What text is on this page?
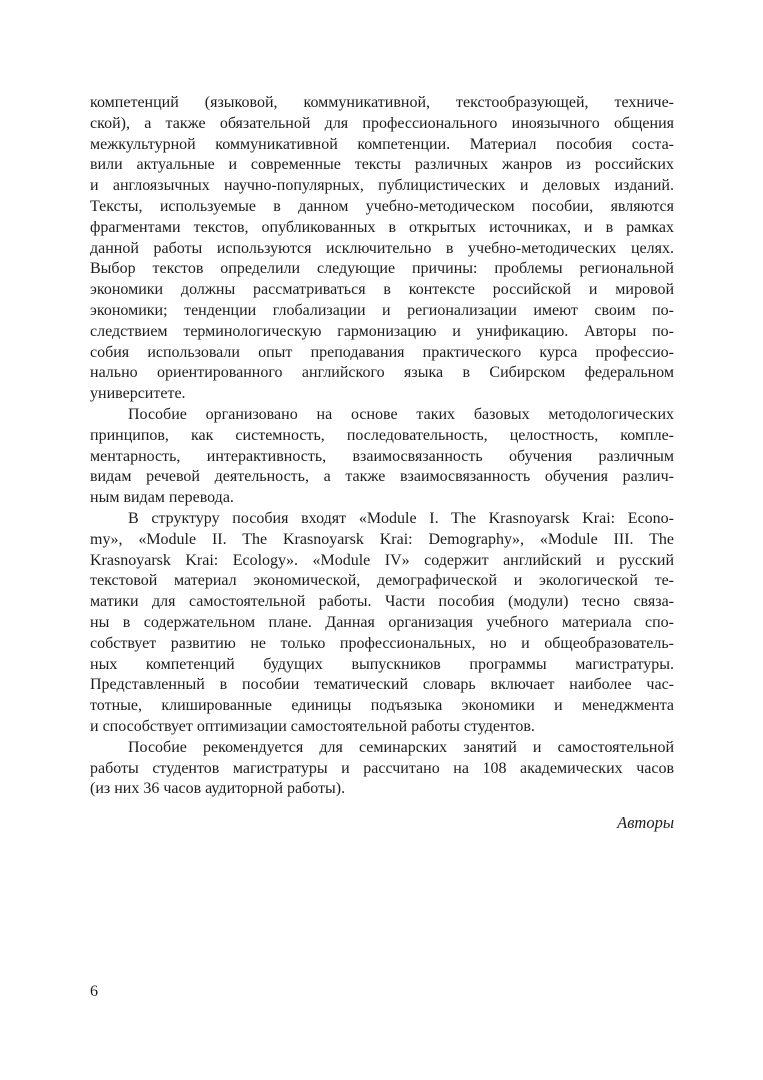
компетенций (языковой, коммуникативной, текстообразующей, техниче-
ской), а также обязательной для профессионального иноязычного общения
межкультурной коммуникативной компетенции. Материал пособия соста-
вили актуальные и современные тексты различных жанров из российских
и англоязычных научно-популярных, публицистических и деловых изданий.
Тексты, используемые в данном учебно-методическом пособии, являются
фрагментами текстов, опубликованных в открытых источниках, и в рамках
данной работы используются исключительно в учебно-методических целях.
Выбор текстов определили следующие причины: проблемы региональной
экономики должны рассматриваться в контексте российской и мировой
экономики; тенденции глобализации и регионализации имеют своим по-
следствием терминологическую гармонизацию и унификацию. Авторы по-
собия использовали опыт преподавания практического курса профессио-
нально ориентированного английского языка в Сибирском федеральном
университете.
Пособие организовано на основе таких базовых методологических
принципов, как системность, последовательность, целостность, компле-
ментарность, интерактивность, взаимосвязанность обучения различным
видам речевой деятельность, а также взаимосвязанность обучения различ-
ным видам перевода.
В структуру пособия входят «Module I. The Krasnoyarsk Krai: Econo-
my», «Module II. The Krasnoyarsk Krai: Demography», «Module III. The
Krasnoyarsk Krai: Ecology». «Module IV» содержит английский и русский
текстовой материал экономической, демографической и экологической те-
матики для самостоятельной работы. Части пособия (модули) тесно связа-
ны в содержательном плане. Данная организация учебного материала спо-
собствует развитию не только профессиональных, но и общеобразователь-
ных компетенций будущих выпускников программы магистратуры.
Представленный в пособии тематический словарь включает наиболее час-
тотные, клишированные единицы подъязыка экономики и менеджмента
и способствует оптимизации самостоятельной работы студентов.
Пособие рекомендуется для семинарских занятий и самостоятельной
работы студентов магистратуры и рассчитано на 108 академических часов
(из них 36 часов аудиторной работы).
Авторы
6
